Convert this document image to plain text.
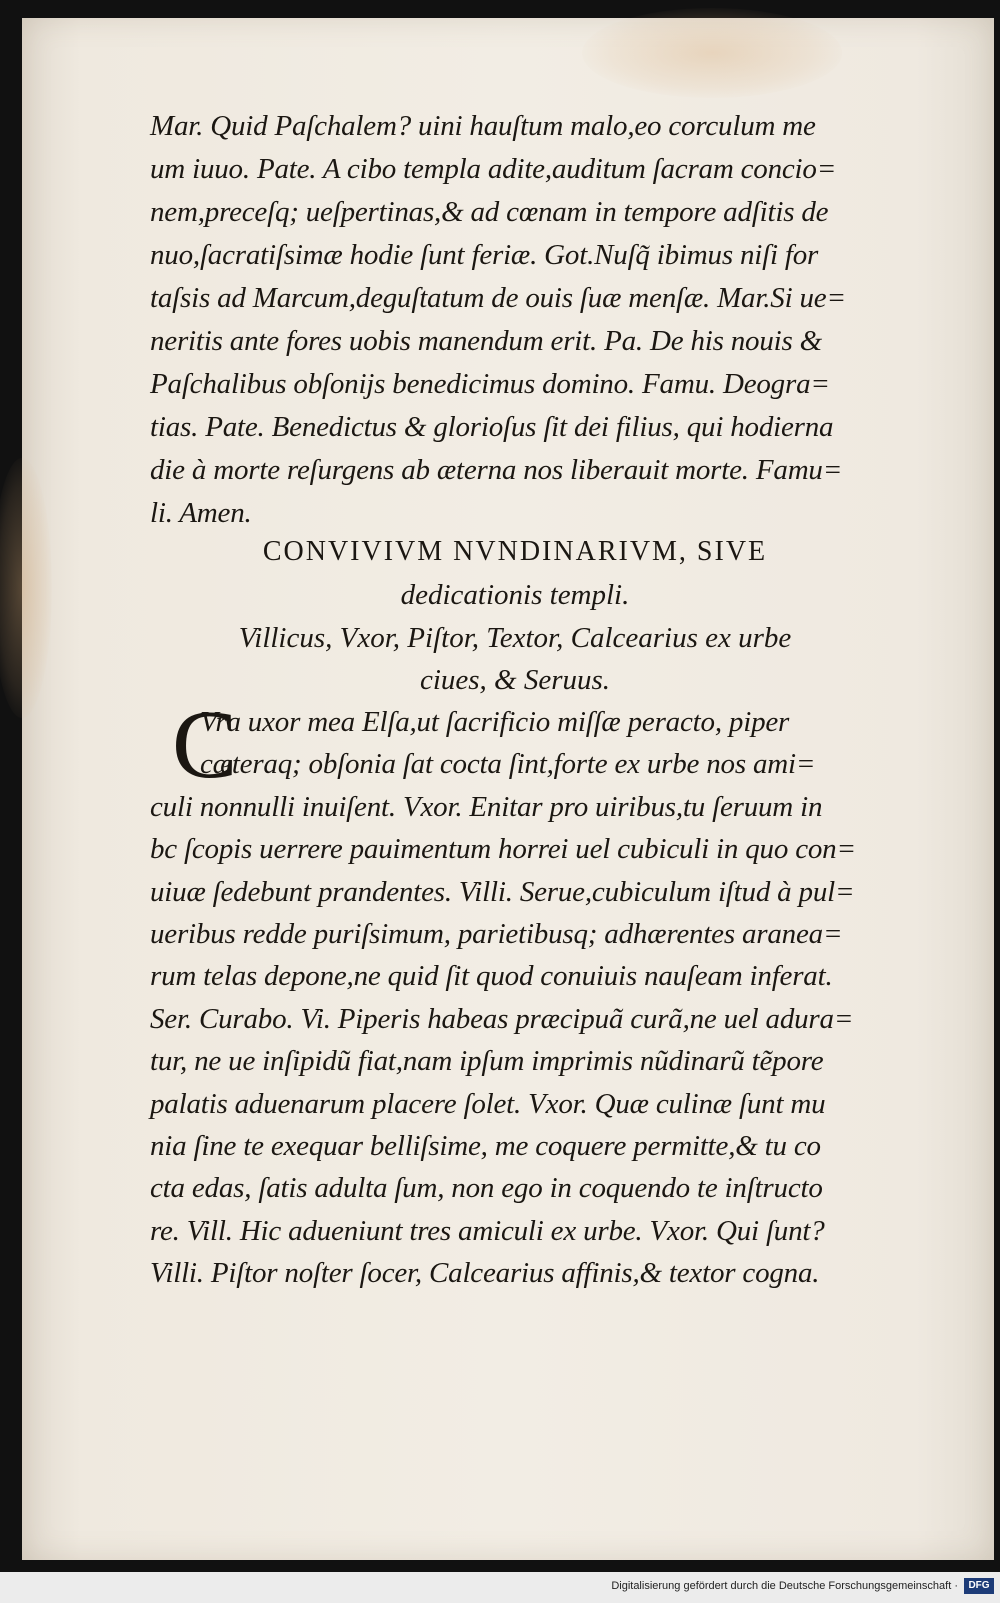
Mar. Quid Paſchalem? uini hauſtum malo,eo corculum me
um iuuo. Pate. A cibo templa adite,auditum ſacram concio=
nem,preceſq; ueſpertinas,& ad cœnam in tempore adſitis de
nuo,ſacratiſsimæ hodie ſunt feriæ. Got.Nuſq̃ ibimus niſi for
taſsis ad Marcum,deguſtatum de ouis ſuæ menſæ. Mar.Si ue=
neritis ante fores uobis manendum erit. Pa. De his nouis &
Paſchalibus obſonijs benedicimus domino. Famu. Deogra=
tias. Pate. Benedictus & glorioſus ſit dei filius, qui hodierna
die à morte reſurgens ab æterna nos liberauit morte. Famu=
li. Amen.
CONVIVIVM NVNDINARIVM, SIVE
dedicationis templi.
Villicus, Vxor, Piſtor, Textor, Calcearius ex urbe
ciues, & Seruus.
C
Vra uxor mea Elſa,ut ſacrificio miſſæ peracto, piper
cæteraq; obſonia ſat cocta ſint,forte ex urbe nos ami=
culi nonnulli inuiſent. Vxor. Enitar pro uiribus,tu ſeruum in
bc ſcopis uerrere pauimentum horrei uel cubiculi in quo con=
uiuæ ſedebunt prandentes. Villi. Serue,cubiculum iſtud à pul=
ueribus redde puriſsimum, parietibusq; adhærentes aranea=
rum telas depone,ne quid ſit quod conuiuis nauſeam inferat.
Ser. Curabo. Vi. Piperis habeas præcipuã curã,ne uel adura=
tur, ne ue inſipidũ fiat,nam ipſum imprimis nũdinarũ tẽpore
palatis aduenarum placere ſolet. Vxor. Quæ culinæ ſunt mu
nia ſine te exequar belliſsime, me coquere permitte,& tu co
cta edas, ſatis adulta ſum, non ego in coquendo te inſtructo
re. Vill. Hic adueniunt tres amiculi ex urbe. Vxor. Qui ſunt?
Villi. Piſtor noſter ſocer, Calcearius affinis,& textor cogna.
Digitalisierung gefördert durch die Deutsche Forschungsgemeinschaft ·	DFG
